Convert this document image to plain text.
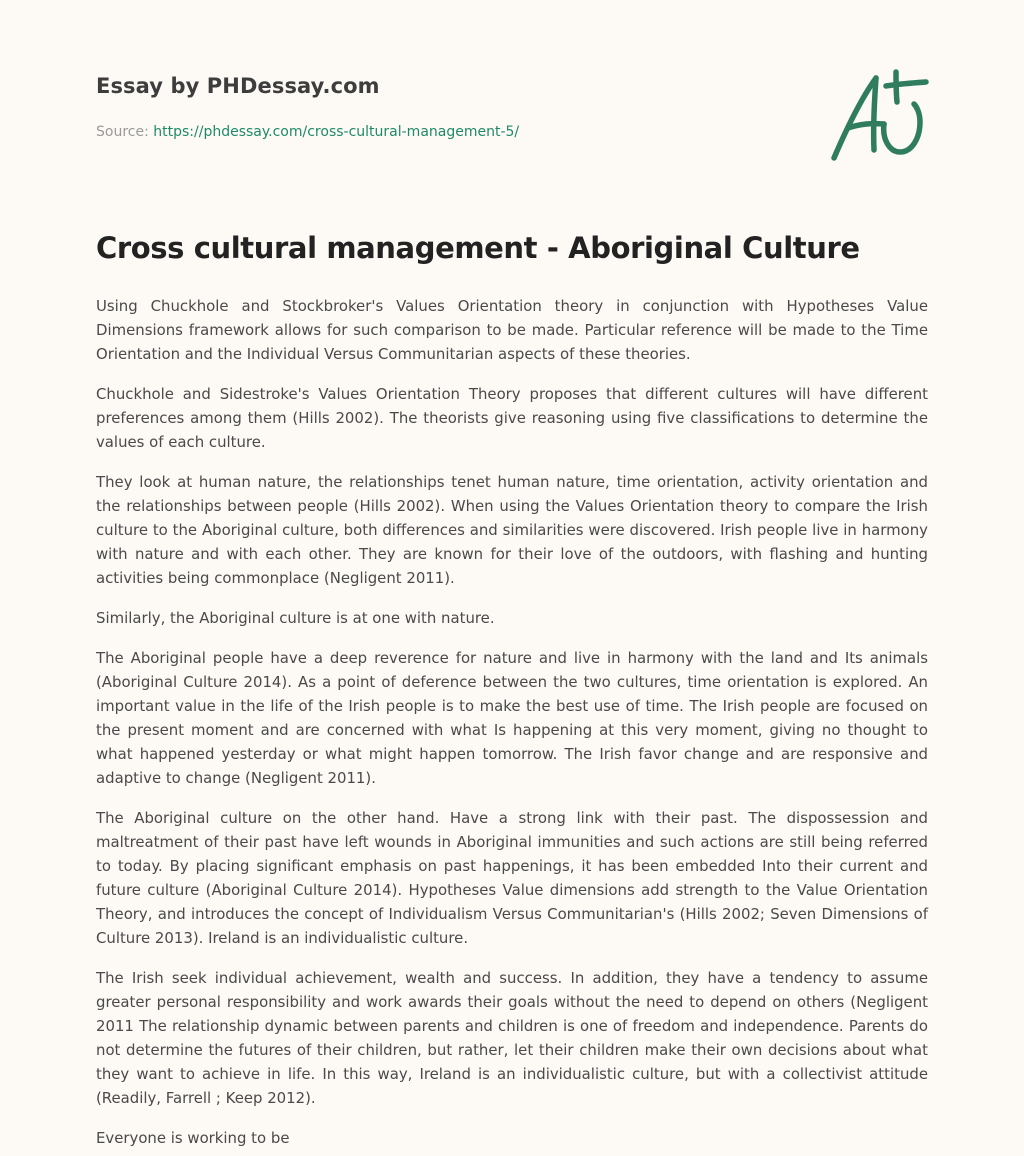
Essay by PHDessay.com
Source: https://phdessay.com/cross-cultural-management-5/
Cross cultural management - Aboriginal Culture

Using Chuckhole and Stockbroker's Values Orientation theory in conjunction with Hypotheses Value Dimensions framework allows for such comparison to be made. Particular reference will be made to the Time Orientation and the Individual Versus Communitarian aspects of these theories.

Chuckhole and Sidestroke's Values Orientation Theory proposes that different cultures will have different preferences among them (Hills 2002). The theorists give reasoning using five classifications to determine the values of each culture.

They look at human nature, the relationships tenet human nature, time orientation, activity orientation and the relationships between people (Hills 2002). When using the Values Orientation theory to compare the Irish culture to the Aboriginal culture, both differences and similarities were discovered. Irish people live in harmony with nature and with each other. They are known for their love of the outdoors, with flashing and hunting activities being commonplace (Negligent 2011).

Similarly, the Aboriginal culture is at one with nature.

The Aboriginal people have a deep reverence for nature and live in harmony with the land and Its animals (Aboriginal Culture 2014). As a point of deference between the two cultures, time orientation is explored. An important value in the life of the Irish people is to make the best use of time. The Irish people are focused on the present moment and are concerned with what Is happening at this very moment, giving no thought to what happened yesterday or what might happen tomorrow. The Irish favor change and are responsive and adaptive to change (Negligent 2011).

The Aboriginal culture on the other hand. Have a strong link with their past. The dispossession and maltreatment of their past have left wounds in Aboriginal immunities and such actions are still being referred to today. By placing significant emphasis on past happenings, it has been embedded Into their current and future culture (Aboriginal Culture 2014). Hypotheses Value dimensions add strength to the Value Orientation Theory, and introduces the concept of Individualism Versus Communitarian's (Hills 2002; Seven Dimensions of Culture 2013). Ireland is an individualistic culture.

The Irish seek individual achievement, wealth and success. In addition, they have a tendency to assume greater personal responsibility and work awards their goals without the need to depend on others (Negligent 2011 The relationship dynamic between parents and children is one of freedom and independence. Parents do not determine the futures of their children, but rather, let their children make their own decisions about what they want to achieve in life. In this way, Ireland is an individualistic culture, but with a collectivist attitude (Readily, Farrell ; Keep 2012).

Everyone is working to be
